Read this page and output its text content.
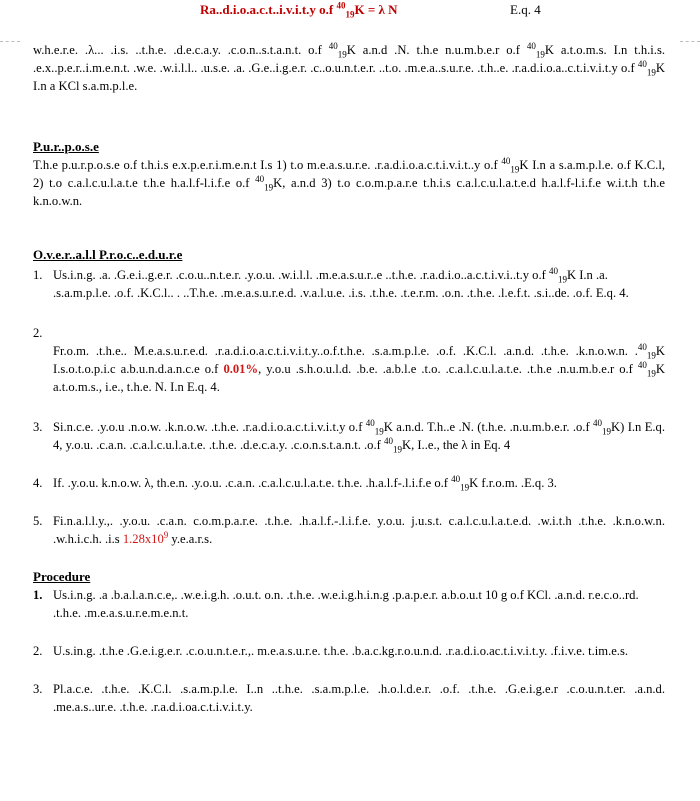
Ra..d.i.o.a.c.t..i.v.i.t.y o.f $^{40}_{19}$K = λ N	E.q. 4

w.h.e.r.e. .λ... .i.s. ..t.h.e. .d.e.c.a.y. .c.o.n..s.t.a.n.t. o.f $^{40}_{19}$K a.n.d .N. t.h.e n.u.m.b.e.r o.f $^{40}_{19}$K a.t.o.m.s. I.n t.h.i.s. .e.x..p.e.r..i.m.e.n.t. .w.e. .w.i.l.l.. .u.s.e. .a. .G.e..i.g.e.r. .c..o.u.n.t.e.r. ..t.o. .m.e.a..s.u.r.e. .t.h..e. .r.a.d.i.o.a..c.t.i.v.i.t.y o.f $^{40}_{19}$K I.n a KCl s.a.m.p.l.e.

P.u.r..p.o.s.e

T.h.e p.u.r.p.o.s.e o.f t.h.i.s e.x.p.e.r.i.m.e.n.t I.s 1) t.o m.e.a.s.u.r.e. .r.a.d.i.o.a.c.t.i.v.i.t..y o.f $^{40}_{19}$K I.n a s.a.m.p.l.e. o.f K.C.l, 2) t.o c.a.l.c.u.l.a.t.e t.h.e h.a.l.f-l.i.f.e o.f $^{40}_{19}$K, a.n.d 3) t.o c.o.m.p.a.r.e t.h.i.s c.a.l.c.u.l.a.t.e.d h.a.l.f-l.i.f.e w.i.t.h t.h.e k.n.o.w.n.

O.v.e.r..a.l.l P.r.o.c..e.d.u.r.e

1. Us.i.n.g. .a. .G.e.i..g.e.r. .c.o.u..n.t.e.r. .y.o.u. .w.i.l.l. .m.e.a.s.u.r..e ..t.h.e. .r.a.d.i.o..a.c.t.i.v.i..t.y o.f $^{40}_{19}$K I.n .a. .s.a.m.p.l.e. .o.f. .K.C.l.. . ..T.h.e. .m.e.a.s.u.r.e.d. .v.a.l.u.e. .i.s. .t.h.e. .t.e.r.m. .o.n. .t.h.e. .l.e.f.t. .s.i..de. .o.f. E.q. 4.

2.

Fr.o.m. .t.h.e.. M.e.a.s.u.r.e.d. .r.a.d.i.o.a.c.t.i.v.i.t.y..o.f.t.h.e. .s.a.m.p.l.e. .o.f. .K.C.l. .a.n.d. .t.h.e. .k.n.o.w.n. .$^{40}_{19}$K I.s.o.t.o.p.i.c a.b.u.n.d.a.n.c.e o.f 0.01%, y.o.u .s.h.o.u.l.d. .b.e. .a.b.l.e .t.o. .c.a.l.c.u.l.a.t.e. .t.h.e .n.u.m.b.e.r o.f $^{40}_{19}$K a.t.o.m.s., i.e., t.h.e. N. I.n E.q. 4.

3. Si.n.c.e. .y.o.u .n.o.w. .k.n.o.w. .t.h.e. .r.a.d.i.o.a.c.t.i.v.i.t.y o.f $^{40}_{19}$K a.n.d. T.h..e .N. (t.h.e. .n.u.m.b.e.r. .o.f $^{40}_{19}$K) I.n E.q. 4, y.o.u. .c.a.n. .c.a.l.c.u.l.a.t.e. .t.h.e. .d.e.c.a.y. .c.o.n.s.t.a.n.t. .o.f $^{40}_{19}$K, I..e., the λ in Eq. 4

4. If. .y.o.u. k.n.o.w. λ, th.e.n. .y.o.u. .c.a.n. .c.a.l.c.u.l.a.t.e. t.h.e. .h.a.l.f-.l.i.f.e o.f $^{40}_{19}$K f.r.o.m. .E.q. 3.

5. Fi.n.a.l.l.y.,. .y.o.u. .c.a.n. c.o.m.p.a.r.e. .t.h.e. .h.a.l.f.-.l.i.f.e. y.o.u. j.u.s.t. c.a.l.c.u.l.a.t.e.d. .w.i.t.h .t.h.e. .k.n.o.w.n. .w.h.i.c.h. .i.s $1.28x10^9$ y.e.a.r.s.

Procedure

1. Us.i.n.g. .a .b.a.l.a.n.c.e,. .w.e.i.g.h. .o.u.t. o.n. .t.h.e. .w.e.i.g.h.i.n.g .p.a.p.e.r. a.b.o.u.t 10 g o.f KCl. .a.n.d. r.e.c.o..rd. .t.h.e. .m.e.a.s.u.r.e.m.e.n.t.

2. U.s.in.g. .t.h.e .G.e.i.g.e.r. .c.o.u.n.t.e.r.,. m.e.a.s.u.r.e. t.h.e. .b.a.c.kg.r.o.u.n.d. .r.a.d.i.o.ac.t.i.v.i.t.y. .f.i.v.e. t.im.e.s.

3. Pl.a.c.e. .t.h.e. .K.C.l. .s.a.m.p.l.e. I..n ..t.h.e. .s.a.m.p.l.e. .h.o.l.d.e.r. .o.f. .t.h.e. .G.e.i.g.e.r .c.o.u.n.t.er. .a.n.d. .me.a.s..ur.e. .t.h.e. .r.a.d.i.oa.c.t.i.v.i.t.y.
